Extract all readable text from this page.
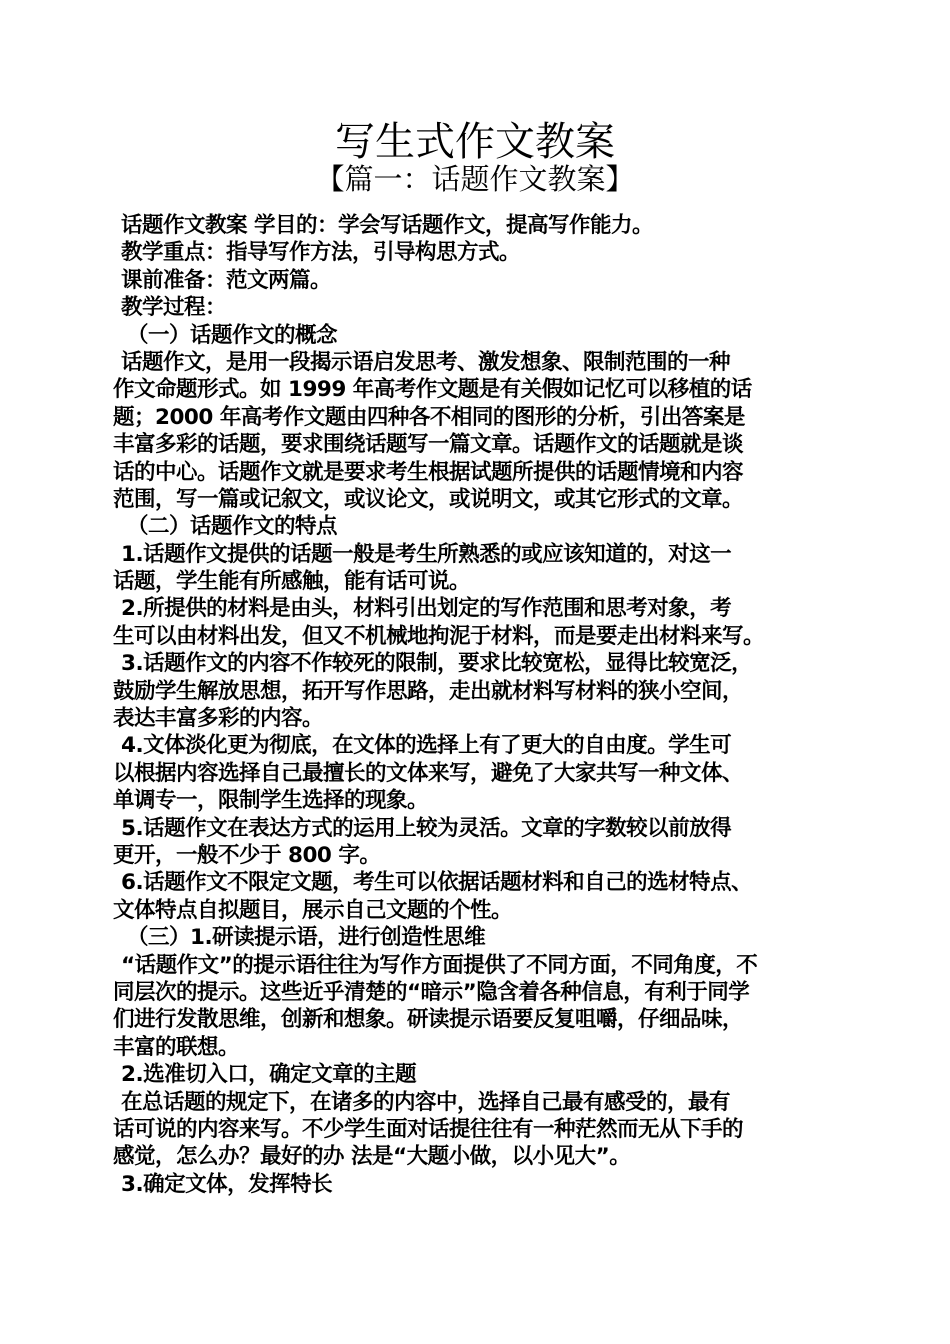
写生式作文教案
【篇一：话题作文教案】
话题作文教案 学目的：学会写话题作文，提高写作能力。
教学重点：指导写作方法，引导构思方式。
课前准备：范文两篇。
教学过程：
（一）话题作文的概念
话题作文，是用一段揭示语启发思考、激发想象、限制范围的一种
作文命题形式。如 1999 年高考作文题是有关假如记忆可以移植的话
题；2000 年高考作文题由四种各不相同的图形的分析，引出答案是
丰富多彩的话题，要求围绕话题写一篇文章。话题作文的话题就是谈
话的中心。话题作文就是要求考生根据试题所提供的话题情境和内容
范围，写一篇或记叙文，或议论文，或说明文，或其它形式的文章。
（二）话题作文的特点
1.话题作文提供的话题一般是考生所熟悉的或应该知道的，对这一
话题，学生能有所感触，能有话可说。
2.所提供的材料是由头，材料引出划定的写作范围和思考对象，考
生可以由材料出发，但又不机械地拘泥于材料，而是要走出材料来写。
3.话题作文的内容不作较死的限制，要求比较宽松，显得比较宽泛，
鼓励学生解放思想，拓开写作思路，走出就材料写材料的狭小空间，
表达丰富多彩的内容。
4.文体淡化更为彻底，在文体的选择上有了更大的自由度。学生可
以根据内容选择自己最擅长的文体来写，避免了大家共写一种文体、
单调专一，限制学生选择的现象。
5.话题作文在表达方式的运用上较为灵活。文章的字数较以前放得
更开，一般不少于 800 字。
6.话题作文不限定文题，考生可以依据话题材料和自己的选材特点、
文体特点自拟题目，展示自己文题的个性。
（三）1.研读提示语，进行创造性思维
“话题作文”的提示语往往为写作方面提供了不同方面，不同角度，不
同层次的提示。这些近乎清楚的“暗示”隐含着各种信息，有利于同学
们进行发散思维，创新和想象。研读提示语要反复咀嚼，仔细品味，
丰富的联想。
2.选准切入口，确定文章的主题
在总话题的规定下，在诸多的内容中，选择自己最有感受的，最有
话可说的内容来写。不少学生面对话提往往有一种茫然而无从下手的
感觉，怎么办？最好的办 法是“大题小做，以小见大”。
3.确定文体，发挥特长
